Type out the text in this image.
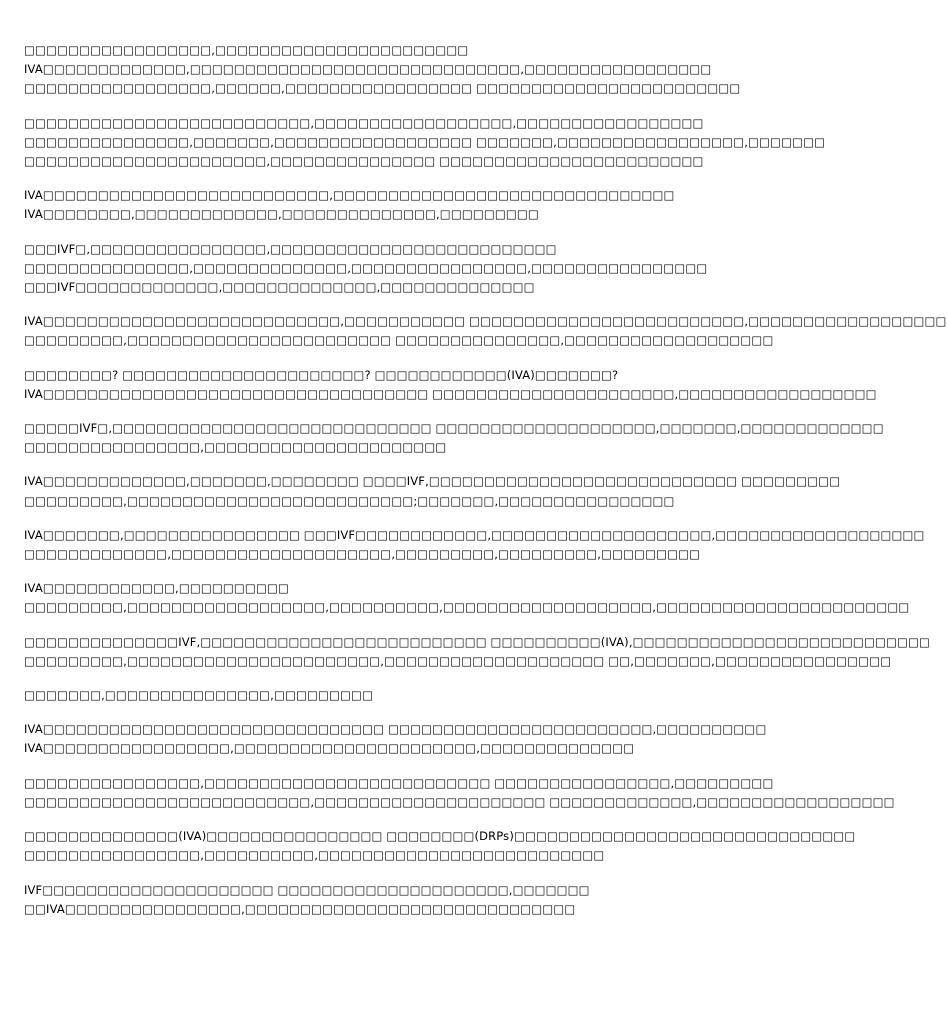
□□□□□□□□□□□□□□□□□,□□□□□□□□□□□□□□□□□□□□□□□
IVA□□□□□□□□□□□□□,□□□□□□□□□□□□□□□□□□□□□□□□□□□□□□,□□□□□□□□□□□□□□□□□
□□□□□□□□□□□□□□□□□,□□□□□□,□□□□□□□□□□□□□□□□□ □□□□□□□□□□□□□□□□□□□□□□□□
□□□□□□□□□□□□□□□□□□□□□□□□□□,□□□□□□□□□□□□□□□□□□,□□□□□□□□□□□□□□□□□
□□□□□□□□□□□□□□□,□□□□□□□,□□□□□□□□□□□□□□□□□□ □□□□□□□,□□□□□□□□□□□□□□□□□,□□□□□□□
□□□□□□□□□□□□□□□□□□□□□□,□□□□□□□□□□□□□□□ □□□□□□□□□□□□□□□□□□□□□□□□
IVA□□□□□□□□□□□□□□□□□□□□□□□□□□,□□□□□□□□□□□□□□□□□□□□□□□□□□□□□□□
IVA□□□□□□□□,□□□□□□□□□□□□□,□□□□□□□□□□□□□□,□□□□□□□□□
□□□IVF□,□□□□□□□□□□□□□□□□,□□□□□□□□□□□□□□□□□□□□□□□□□□
□□□□□□□□□□□□□□□,□□□□□□□□□□□□□□,□□□□□□□□□□□□□□□□,□□□□□□□□□□□□□□□□
□□□IVF□□□□□□□□□□□□□,□□□□□□□□□□□□□□,□□□□□□□□□□□□□□
IVA□□□□□□□□□□□□□□□□□□□□□□□□□□□,□□□□□□□□□□□ □□□□□□□□□□□□□□□□□□□□□□□□□,□□□□□□□□□□□□□□□□□□
□□□□□□□□□,□□□□□□□□□□□□□□□□□□□□□□□□ □□□□□□□□□□□□□□□,□□□□□□□□□□□□□□□□□□□
□□□□□□□□? □□□□□□□□□□□□□□□□□□□□□□? □□□□□□□□□□□□(IVA)□□□□□□□?
IVA□□□□□□□□□□□□□□□□□□□□□□□□□□□□□□□□□□□ □□□□□□□□□□□□□□□□□□□□□□,□□□□□□□□□□□□□□□□□□
□□□□□IVF□,□□□□□□□□□□□□□□□□□□□□□□□□□□□□□ □□□□□□□□□□□□□□□□□□□□,□□□□□□□,□□□□□□□□□□□□□
□□□□□□□□□□□□□□□□,□□□□□□□□□□□□□□□□□□□□□□
IVA□□□□□□□□□□□□□,□□□□□□□,□□□□□□□□ □□□□IVF,□□□□□□□□□□□□□□□□□□□□□□□□□□□□ □□□□□□□□□
□□□□□□□□□,□□□□□□□□□□□□□□□□□□□□□□□□□□;□□□□□□□,□□□□□□□□□□□□□□□□
IVA□□□□□□□,□□□□□□□□□□□□□□□□ □□□IVF□□□□□□□□□□□□,□□□□□□□□□□□□□□□□□□□□,□□□□□□□□□□□□□□□□□□□
□□□□□□□□□□□□□,□□□□□□□□□□□□□□□□□□□□,□□□□□□□□□,□□□□□□□□□,□□□□□□□□□
IVA□□□□□□□□□□□□,□□□□□□□□□□
□□□□□□□□□,□□□□□□□□□□□□□□□□□□,□□□□□□□□□□,□□□□□□□□□□□□□□□□□□□,□□□□□□□□□□□□□□□□□□□□□□□
□□□□□□□□□□□□□□IVF,□□□□□□□□□□□□□□□□□□□□□□□□□□ □□□□□□□□□□(IVA),□□□□□□□□□□□□□□□□□□□□□□□□□□□
□□□□□□□□□,□□□□□□□□□□□□□□□□□□□□□□□,□□□□□□□□□□□□□□□□□□□□ □□,□□□□□□□,□□□□□□□□□□□□□□□□
□□□□□□□,□□□□□□□□□□□□□□□,□□□□□□□□□
IVA□□□□□□□□□□□□□□□□□□□□□□□□□□□□□□□ □□□□□□□□□□□□□□□□□□□□□□□□,□□□□□□□□□□
IVA□□□□□□□□□□□□□□□□□,□□□□□□□□□□□□□□□□□□□□□□,□□□□□□□□□□□□□□
□□□□□□□□□□□□□□□□,□□□□□□□□□□□□□□□□□□□□□□□□□□ □□□□□□□□□□□□□□□□,□□□□□□□□□
□□□□□□□□□□□□□□□□□□□□□□□□□□,□□□□□□□□□□□□□□□□□□□□□ □□□□□□□□□□□□□,□□□□□□□□□□□□□□□□□□
□□□□□□□□□□□□□□(IVA)□□□□□□□□□□□□□□□□ □□□□□□□□(DRPs)□□□□□□□□□□□□□□□□□□□□□□□□□□□□□□□
□□□□□□□□□□□□□□□□,□□□□□□□□□□,□□□□□□□□□□□□□□□□□□□□□□□□□□
IVF□□□□□□□□□□□□□□□□□□□□□ □□□□□□□□□□□□□□□□□□□□□,□□□□□□□
□□IVA□□□□□□□□□□□□□□□□,□□□□□□□□□□□□□□□□□□□□□□□□□□□□□□
